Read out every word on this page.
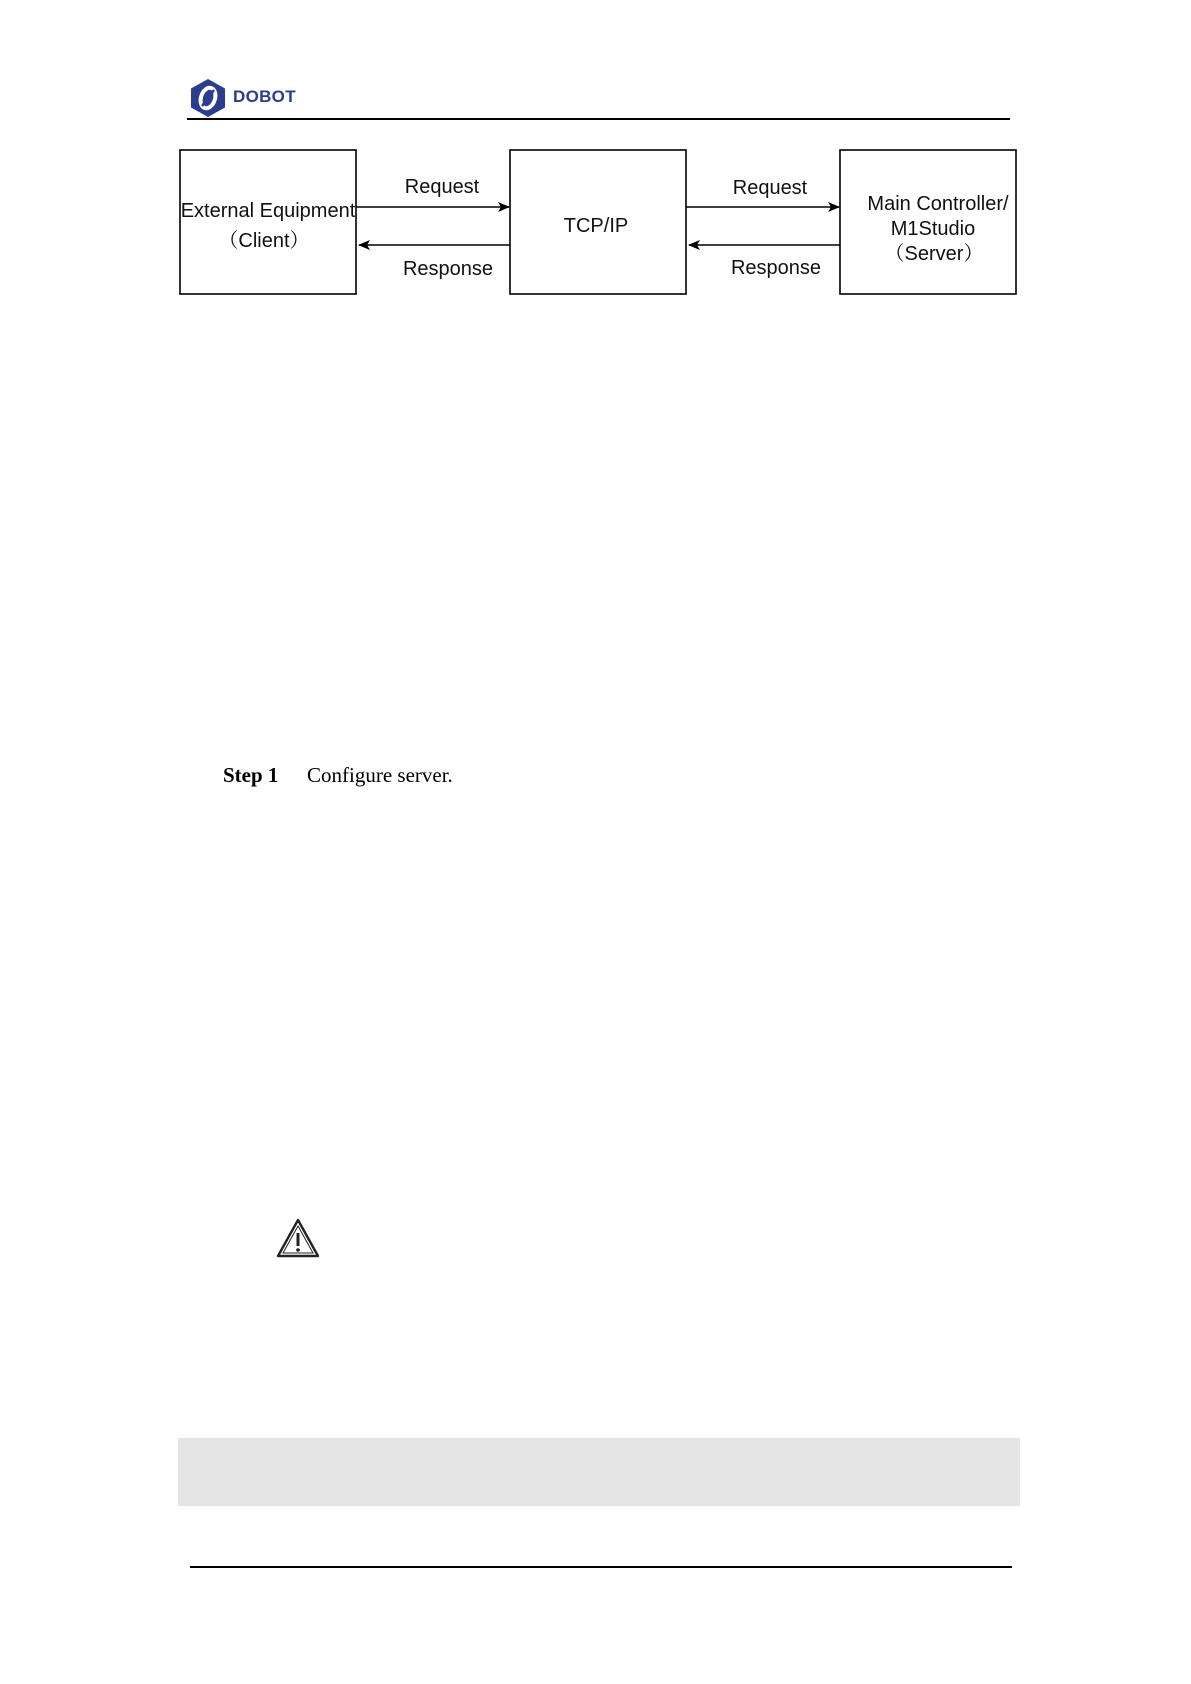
DOBOT
External Equipment
（Client）
TCP/IP
Main Controller/
M1Studio
（Server）
Request
Response
Request
Response
Step 1 Configure server.
